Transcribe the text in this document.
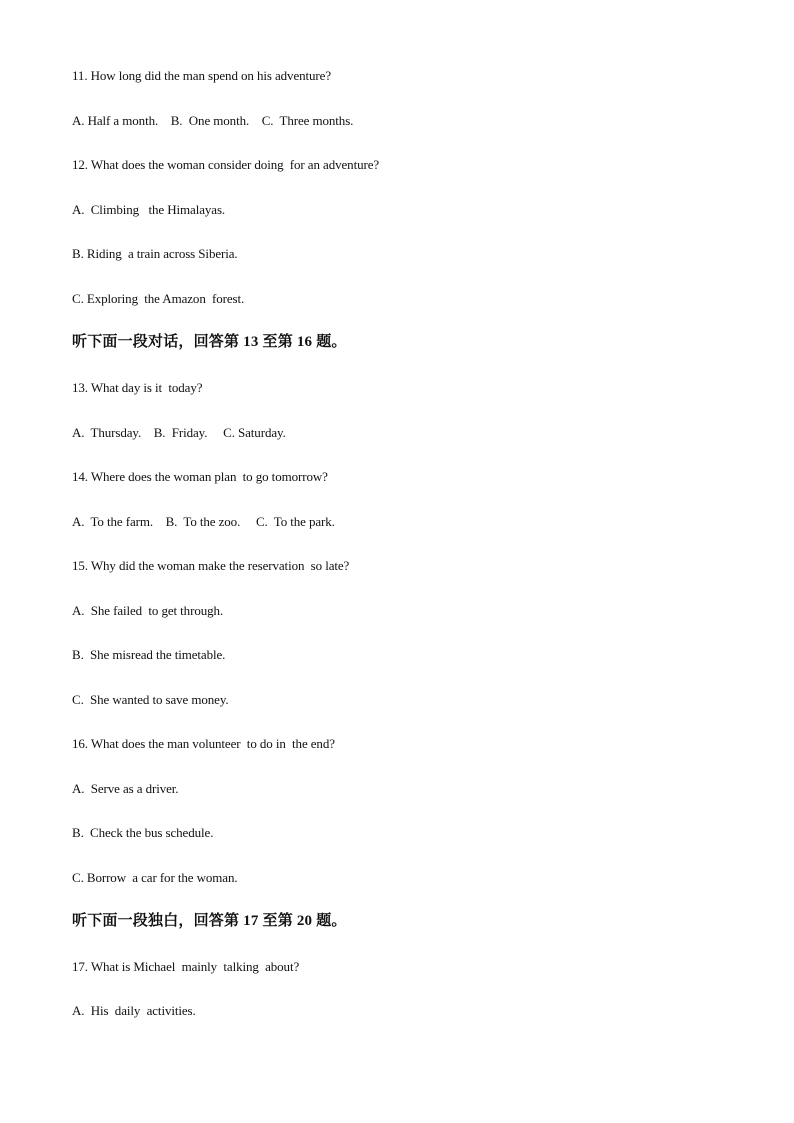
11. How long did the man spend on his adventure?
A. Half a month.    B.  One month.    C.  Three months.
12. What does the woman consider doing  for an adventure?
A.  Climbing   the Himalayas.
B. Riding  a train across Siberia.
C. Exploring  the Amazon  forest.
听下面一段对话，回答第 13 至第 16 题。
13. What day is it  today?
A.  Thursday.    B.  Friday.     C. Saturday.
14. Where does the woman plan  to go tomorrow?
A.  To the farm.    B.  To the zoo.     C.  To the park.
15. Why did the woman make the reservation  so late?
A.  She failed  to get through.
B.  She misread the timetable.
C.  She wanted to save money.
16. What does the man volunteer  to do in  the end?
A.  Serve as a driver.
B.  Check the bus schedule.
C. Borrow  a car for the woman.
听下面一段独白，回答第 17 至第 20 题。
17. What is Michael  mainly  talking  about?
A.  His  daily  activities.
